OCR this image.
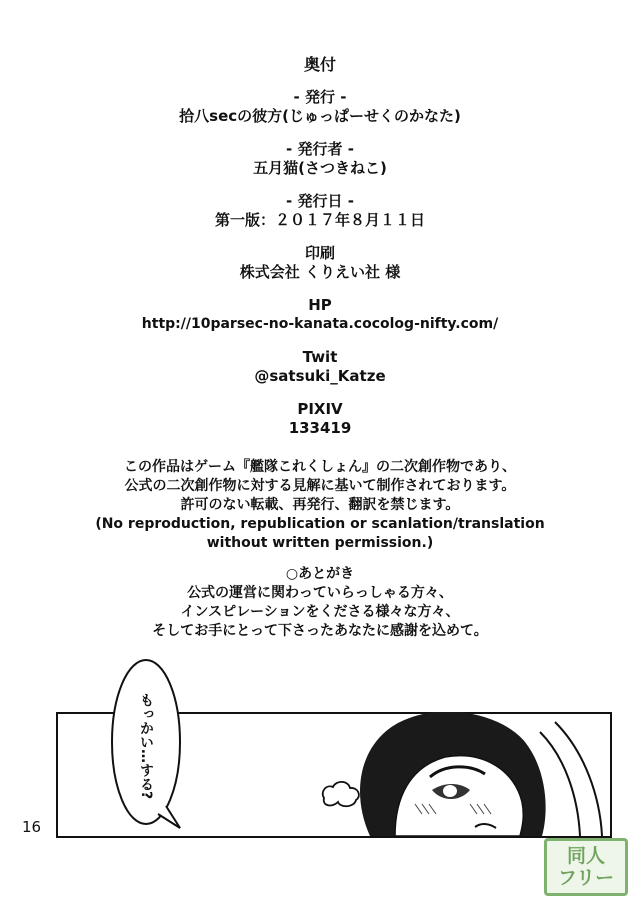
奥付
- 発行 -
拾八secの彼方(じゅっぱーせくのかなた)
- 発行者 -
五月猫(さつきねこ)
- 発行日 -
第一版：２０１７年８月１１日
印刷
株式会社 くりえい社 様
HP
http://10parsec-no-kanata.cocolog-nifty.com/
Twit
@satsuki_Katze
PIXIV
133419
この作品はゲーム『艦隊これくしょん』の二次創作物であり、
公式の二次創作物に対する見解に基いて制作されております。
許可のない転載、再発行、翻訳を禁じます。
(No reproduction, republication or scanlation/translation
without written permission.)
○あとがき
公式の運営に関わっていらっしゃる方々、
インスピレーションをくださる様々な方々、
そしてお手にとって下さったあなたに感謝を込めて。
もっかい…する?
16
同人
フリー
